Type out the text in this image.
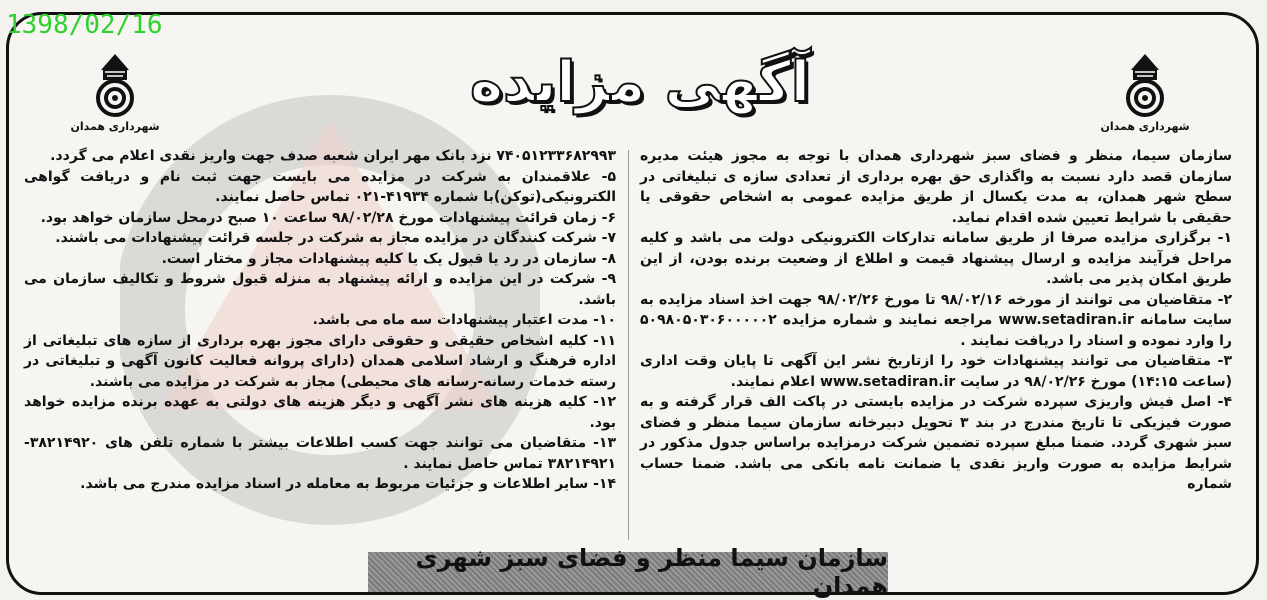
1398/02/16
شهرداری همدان	شهرداری همدان
آگهی مزایده

سازمان سیما، منظر و فضای سبز شهرداری همدان با توجه به مجوز هیئت مدیره سازمان قصد دارد نسبت به واگذاری حق بهره برداری از تعدادی سازه ی تبلیغاتی در سطح شهر همدان، به مدت یکسال از طریق مزایده عمومی به اشخاص حقوقی یا حقیقی با شرایط تعیین شده اقدام نماید.

۱- برگزاری مزایده صرفا از طریق سامانه تدارکات الکترونیکی دولت می باشد و کلیه مراحل فرآیند مزایده و ارسال پیشنهاد قیمت و اطلاع از وضعیت برنده بودن، از این طریق امکان پذیر می باشد.

۲- متقاضیان می توانند از مورخه ۹۸/۰۲/۱۶ تا مورخ ۹۸/۰۲/۲۶ جهت اخذ اسناد مزایده به سایت سامانه www.setadiran.ir مراجعه نمایند و شماره مزایده ۵۰۹۸۰۵۰۳۰۶۰۰۰۰۰۲ را وارد نموده و اسناد را دریافت نمایند .

۳- متقاضیان می توانند پیشنهادات خود را ازتاریخ نشر این آگهی تا پایان وقت اداری (ساعت ۱۴:۱۵) مورخ ۹۸/۰۲/۲۶ در سایت www.setadiran.ir اعلام نمایند.

۴- اصل فیش واریزی سپرده شرکت در مزایده بایستی در پاکت الف قرار گرفته و به صورت فیزیکی تا تاریخ مندرج در بند ۳ تحویل دبیرخانه سازمان سیما منظر و فضای سبز شهری گردد. ضمنا مبلغ سپرده تضمین شرکت درمزایده براساس جدول مذکور در شرایط مزایده به صورت واریز نقدی یا ضمانت نامه بانکی می باشد. ضمنا حساب شماره

۷۴۰۵۱۲۳۳۶۸۲۹۹۳ نزد بانک مهر ایران شعبه صدف جهت واریز نقدی اعلام می گردد.

۵- علاقمندان به شرکت در مزایده می بایست جهت ثبت نام و دریافت گواهی الکترونیکی(توکن)با شماره ۴۱۹۳۴-۰۲۱ تماس حاصل نمایند.

۶- زمان قرائت پیشنهادات مورخ ۹۸/۰۲/۲۸ ساعت ۱۰ صبح درمحل سازمان خواهد بود.

۷- شرکت کنندگان در مزایده مجاز به شرکت در جلسه قرائت پیشنهادات می باشند.

۸- سازمان در رد یا قبول یک یا کلیه پیشنهادات مجاز و مختار است.

۹- شرکت در این مزایده و ارائه پیشنهاد به منزله قبول شروط و تکالیف سازمان می باشد.

۱۰- مدت اعتبار پیشنهادات سه ماه می باشد.

۱۱- کلیه اشخاص حقیقی و حقوقی دارای مجوز بهره برداری از سازه های تبلیغاتی از اداره فرهنگ و ارشاد اسلامی همدان (دارای پروانه فعالیت کانون آگهی و تبلیغاتی در رسته خدمات رسانه-رسانه های محیطی) مجاز به شرکت در مزایده می باشند.

۱۲- کلیه هزینه های نشر آگهی و دیگر هزینه های دولتی به عهده برنده مزایده خواهد بود.

۱۳- متقاضیان می توانند جهت کسب اطلاعات بیشتر با شماره تلفن های ۳۸۲۱۴۹۲۰- ۳۸۲۱۴۹۲۱ تماس حاصل نمایند .

۱۴- سایر اطلاعات و جزئیات مربوط به معامله در اسناد مزایده مندرج می باشد.

سازمان سیما منظر و فضای سبز شهری همدان
